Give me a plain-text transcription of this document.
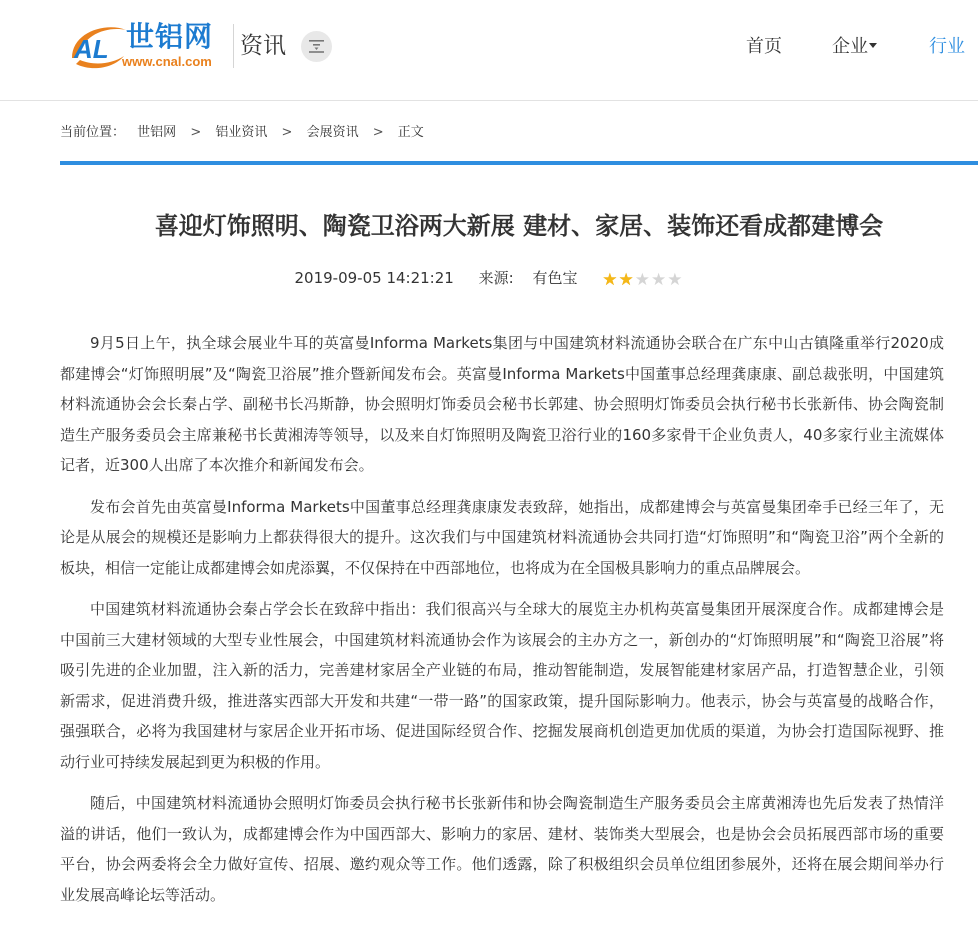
AL 世铝网
www.cnal.com
资讯	首页	企业	行业
当前位置： 世铝网 > 铝业资讯 > 会展资讯 > 正文
喜迎灯饰照明、陶瓷卫浴两大新展 建材、家居、装饰还看成都建博会
2019-09-05 14:21:21 来源: 有色宝 ★★★★★

9月5日上午，执全球会展业牛耳的英富曼Informa Markets集团与中国建筑材料流通协会联合在广东中山古镇隆重举行2020成都建博会“灯饰照明展”及“陶瓷卫浴展”推介暨新闻发布会。英富曼Informa Markets中国董事总经理龚康康、副总裁张明，中国建筑材料流通协会会长秦占学、副秘书长冯斯静，协会照明灯饰委员会秘书长郭建、协会照明灯饰委员会执行秘书长张新伟、协会陶瓷制造生产服务委员会主席兼秘书长黄湘涛等领导，以及来自灯饰照明及陶瓷卫浴行业的160多家骨干企业负责人，40多家行业主流媒体记者，近300人出席了本次推介和新闻发布会。

发布会首先由英富曼Informa Markets中国董事总经理龚康康发表致辞，她指出，成都建博会与英富曼集团牵手已经三年了，无论是从展会的规模还是影响力上都获得很大的提升。这次我们与中国建筑材料流通协会共同打造“灯饰照明”和“陶瓷卫浴”两个全新的板块，相信一定能让成都建博会如虎添翼，不仅保持在中西部地位，也将成为在全国极具影响力的重点品牌展会。

中国建筑材料流通协会秦占学会长在致辞中指出：我们很高兴与全球大的展览主办机构英富曼集团开展深度合作。成都建博会是中国前三大建材领域的大型专业性展会，中国建筑材料流通协会作为该展会的主办方之一，新创办的“灯饰照明展”和“陶瓷卫浴展”将吸引先进的企业加盟，注入新的活力，完善建材家居全产业链的布局，推动智能制造，发展智能建材家居产品，打造智慧企业，引领新需求，促进消费升级，推进落实西部大开发和共建“一带一路”的国家政策，提升国际影响力。他表示，协会与英富曼的战略合作，强强联合，必将为我国建材与家居企业开拓市场、促进国际经贸合作、挖掘发展商机创造更加优质的渠道，为协会打造国际视野、推动行业可持续发展起到更为积极的作用。

随后，中国建筑材料流通协会照明灯饰委员会执行秘书长张新伟和协会陶瓷制造生产服务委员会主席黄湘涛也先后发表了热情洋溢的讲话，他们一致认为，成都建博会作为中国西部大、影响力的家居、建材、装饰类大型展会，也是协会会员拓展西部市场的重要平台，协会两委将会全力做好宣传、招展、邀约观众等工作。他们透露，除了积极组织会员单位组团参展外，还将在展会期间举办行业发展高峰论坛等活动。
